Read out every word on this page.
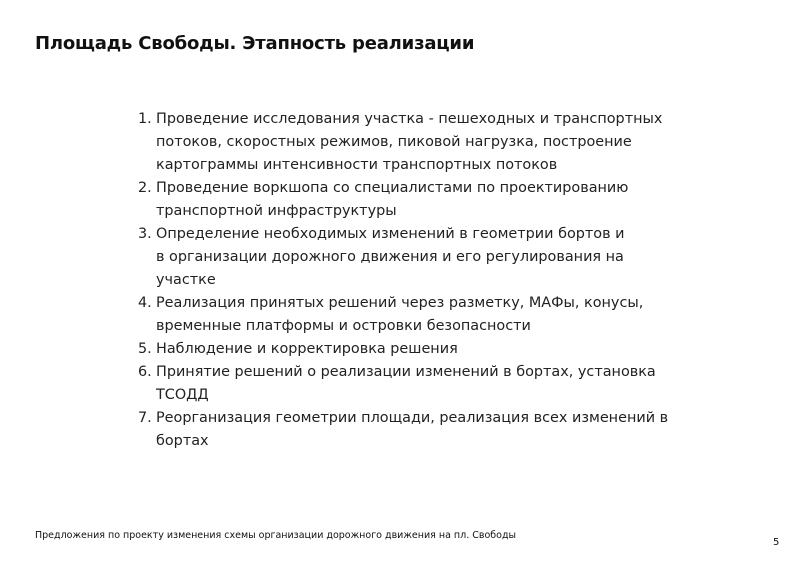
Площадь Свободы. Этапность реализации
1. Проведение исследования участка - пешеходных и транспортных
потоков, скоростных режимов, пиковой нагрузка, построение
картограммы интенсивности транспортных потоков
2. Проведение воркшопа со специалистами по проектированию
транспортной инфраструктуры
3. Определение необходимых изменений в геометрии бортов и
в организации дорожного движения и его регулирования на
участке
4. Реализация принятых решений через разметку, МАФы, конусы,
временные платформы и островки безопасности
5. Наблюдение и корректировка решения
6. Принятие решений о реализации изменений в бортах, установка
ТСОДД
7. Реорганизация геометрии площади, реализация всех изменений в
бортах

Предложения по проекту изменения схемы организации дорожного движения на пл. Свободы

5
